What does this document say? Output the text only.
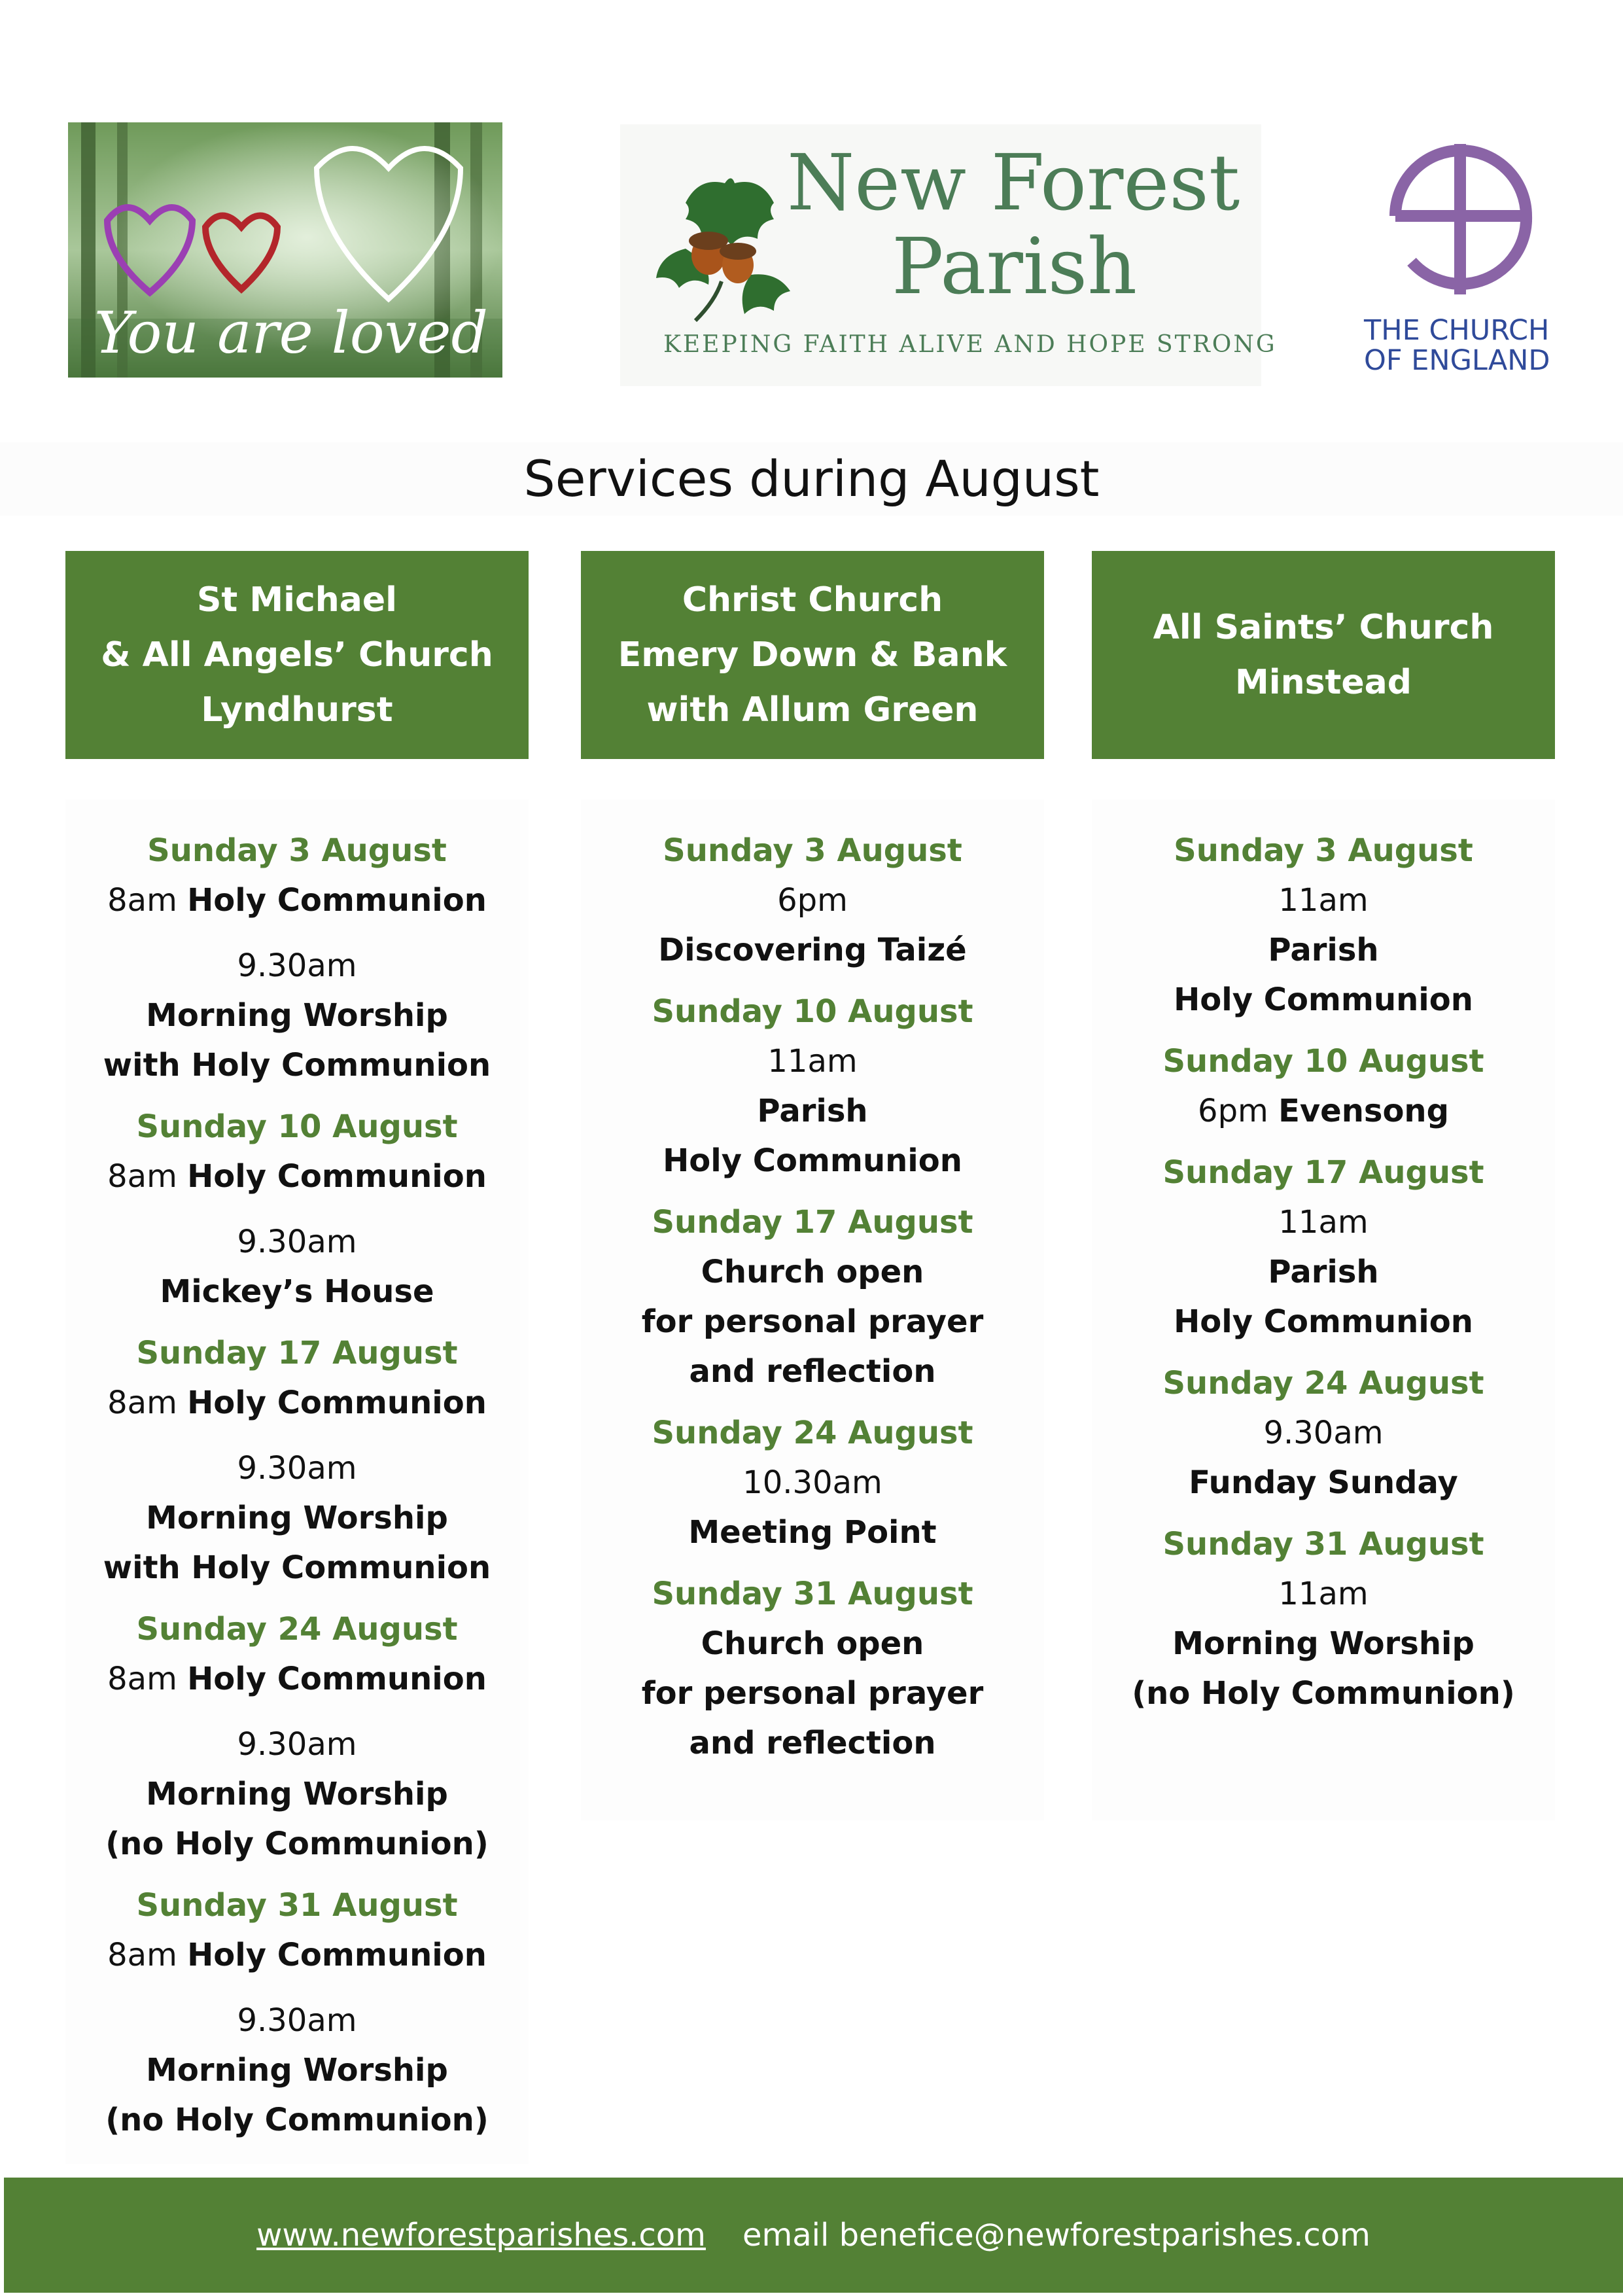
You are loved
New Forest
Parish
KEEPING FAITH ALIVE AND HOPE STRONG	THE CHURCH
OF ENGLAND
Services during August
St Michael
& All Angels’ Church
Lyndhurst
Christ Church
Emery Down & Bank
with Allum Green
All Saints’ Church
Minstead
Sunday 3 August
8am Holy Communion
9.30am
Morning Worship
with Holy Communion
Sunday 10 August
8am Holy Communion
9.30am
Mickey’s House
Sunday 17 August
8am Holy Communion
9.30am
Morning Worship
with Holy Communion
Sunday 24 August
8am Holy Communion
9.30am
Morning Worship
(no Holy Communion)
Sunday 31 August
8am Holy Communion
9.30am
Morning Worship
(no Holy Communion)
Sunday 3 August
6pm
Discovering Taizé
Sunday 10 August
11am
Parish
Holy Communion
Sunday 17 August
Church open
for personal prayer
and reflection
Sunday 24 August
10.30am
Meeting Point
Sunday 31 August
Church open
for personal prayer
and reflection
Sunday 3 August
11am
Parish
Holy Communion
Sunday 10 August
6pm Evensong
Sunday 17 August
11am
Parish
Holy Communion
Sunday 24 August
9.30am
Funday Sunday
Sunday 31 August
11am
Morning Worship
(no Holy Communion)
www.newforestparishes.com email benefice@newforestparishes.com
